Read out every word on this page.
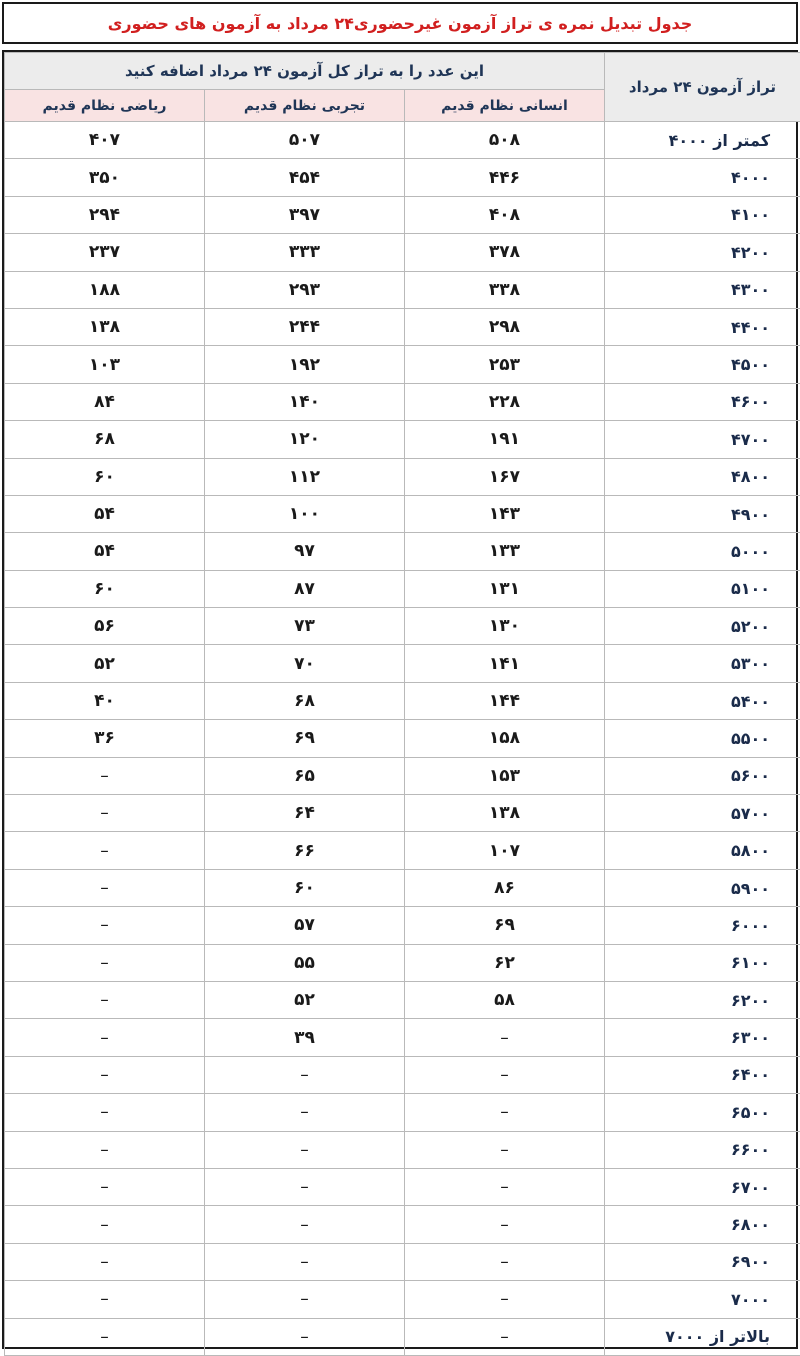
جدول تبدیل نمره ی تراز آزمون غیرحضوری۲۴ مرداد به آزمون های حضوری
تراز آزمون ۲۴ مرداد	این عدد را به تراز کل آزمون ۲۴ مرداد اضافه کنید		
	انسانی نظام قدیم	تجربی نظام قدیم	ریاضی نظام قدیم
کمتر از ۴۰۰۰	۵۰۸	۵۰۷	۴۰۷
۴۰۰۰	۴۴۶	۴۵۴	۳۵۰
۴۱۰۰	۴۰۸	۳۹۷	۲۹۴
۴۲۰۰	۳۷۸	۳۳۳	۲۳۷
۴۳۰۰	۳۳۸	۲۹۳	۱۸۸
۴۴۰۰	۲۹۸	۲۴۴	۱۳۸
۴۵۰۰	۲۵۳	۱۹۲	۱۰۳
۴۶۰۰	۲۲۸	۱۴۰	۸۴
۴۷۰۰	۱۹۱	۱۲۰	۶۸
۴۸۰۰	۱۶۷	۱۱۲	۶۰
۴۹۰۰	۱۴۳	۱۰۰	۵۴
۵۰۰۰	۱۳۳	۹۷	۵۴
۵۱۰۰	۱۳۱	۸۷	۶۰
۵۲۰۰	۱۳۰	۷۳	۵۶
۵۳۰۰	۱۴۱	۷۰	۵۲
۵۴۰۰	۱۴۴	۶۸	۴۰
۵۵۰۰	۱۵۸	۶۹	۳۶
۵۶۰۰	۱۵۳	۶۵	–
۵۷۰۰	۱۳۸	۶۴	–
۵۸۰۰	۱۰۷	۶۶	–
۵۹۰۰	۸۶	۶۰	–
۶۰۰۰	۶۹	۵۷	–
۶۱۰۰	۶۲	۵۵	–
۶۲۰۰	۵۸	۵۲	–
۶۳۰۰	–	۳۹	–
۶۴۰۰	–	–	–
۶۵۰۰	–	–	–
۶۶۰۰	–	–	–
۶۷۰۰	–	–	–
۶۸۰۰	–	–	–
۶۹۰۰	–	–	–
۷۰۰۰	–	–	–
بالاتر از ۷۰۰۰	–	–	–
